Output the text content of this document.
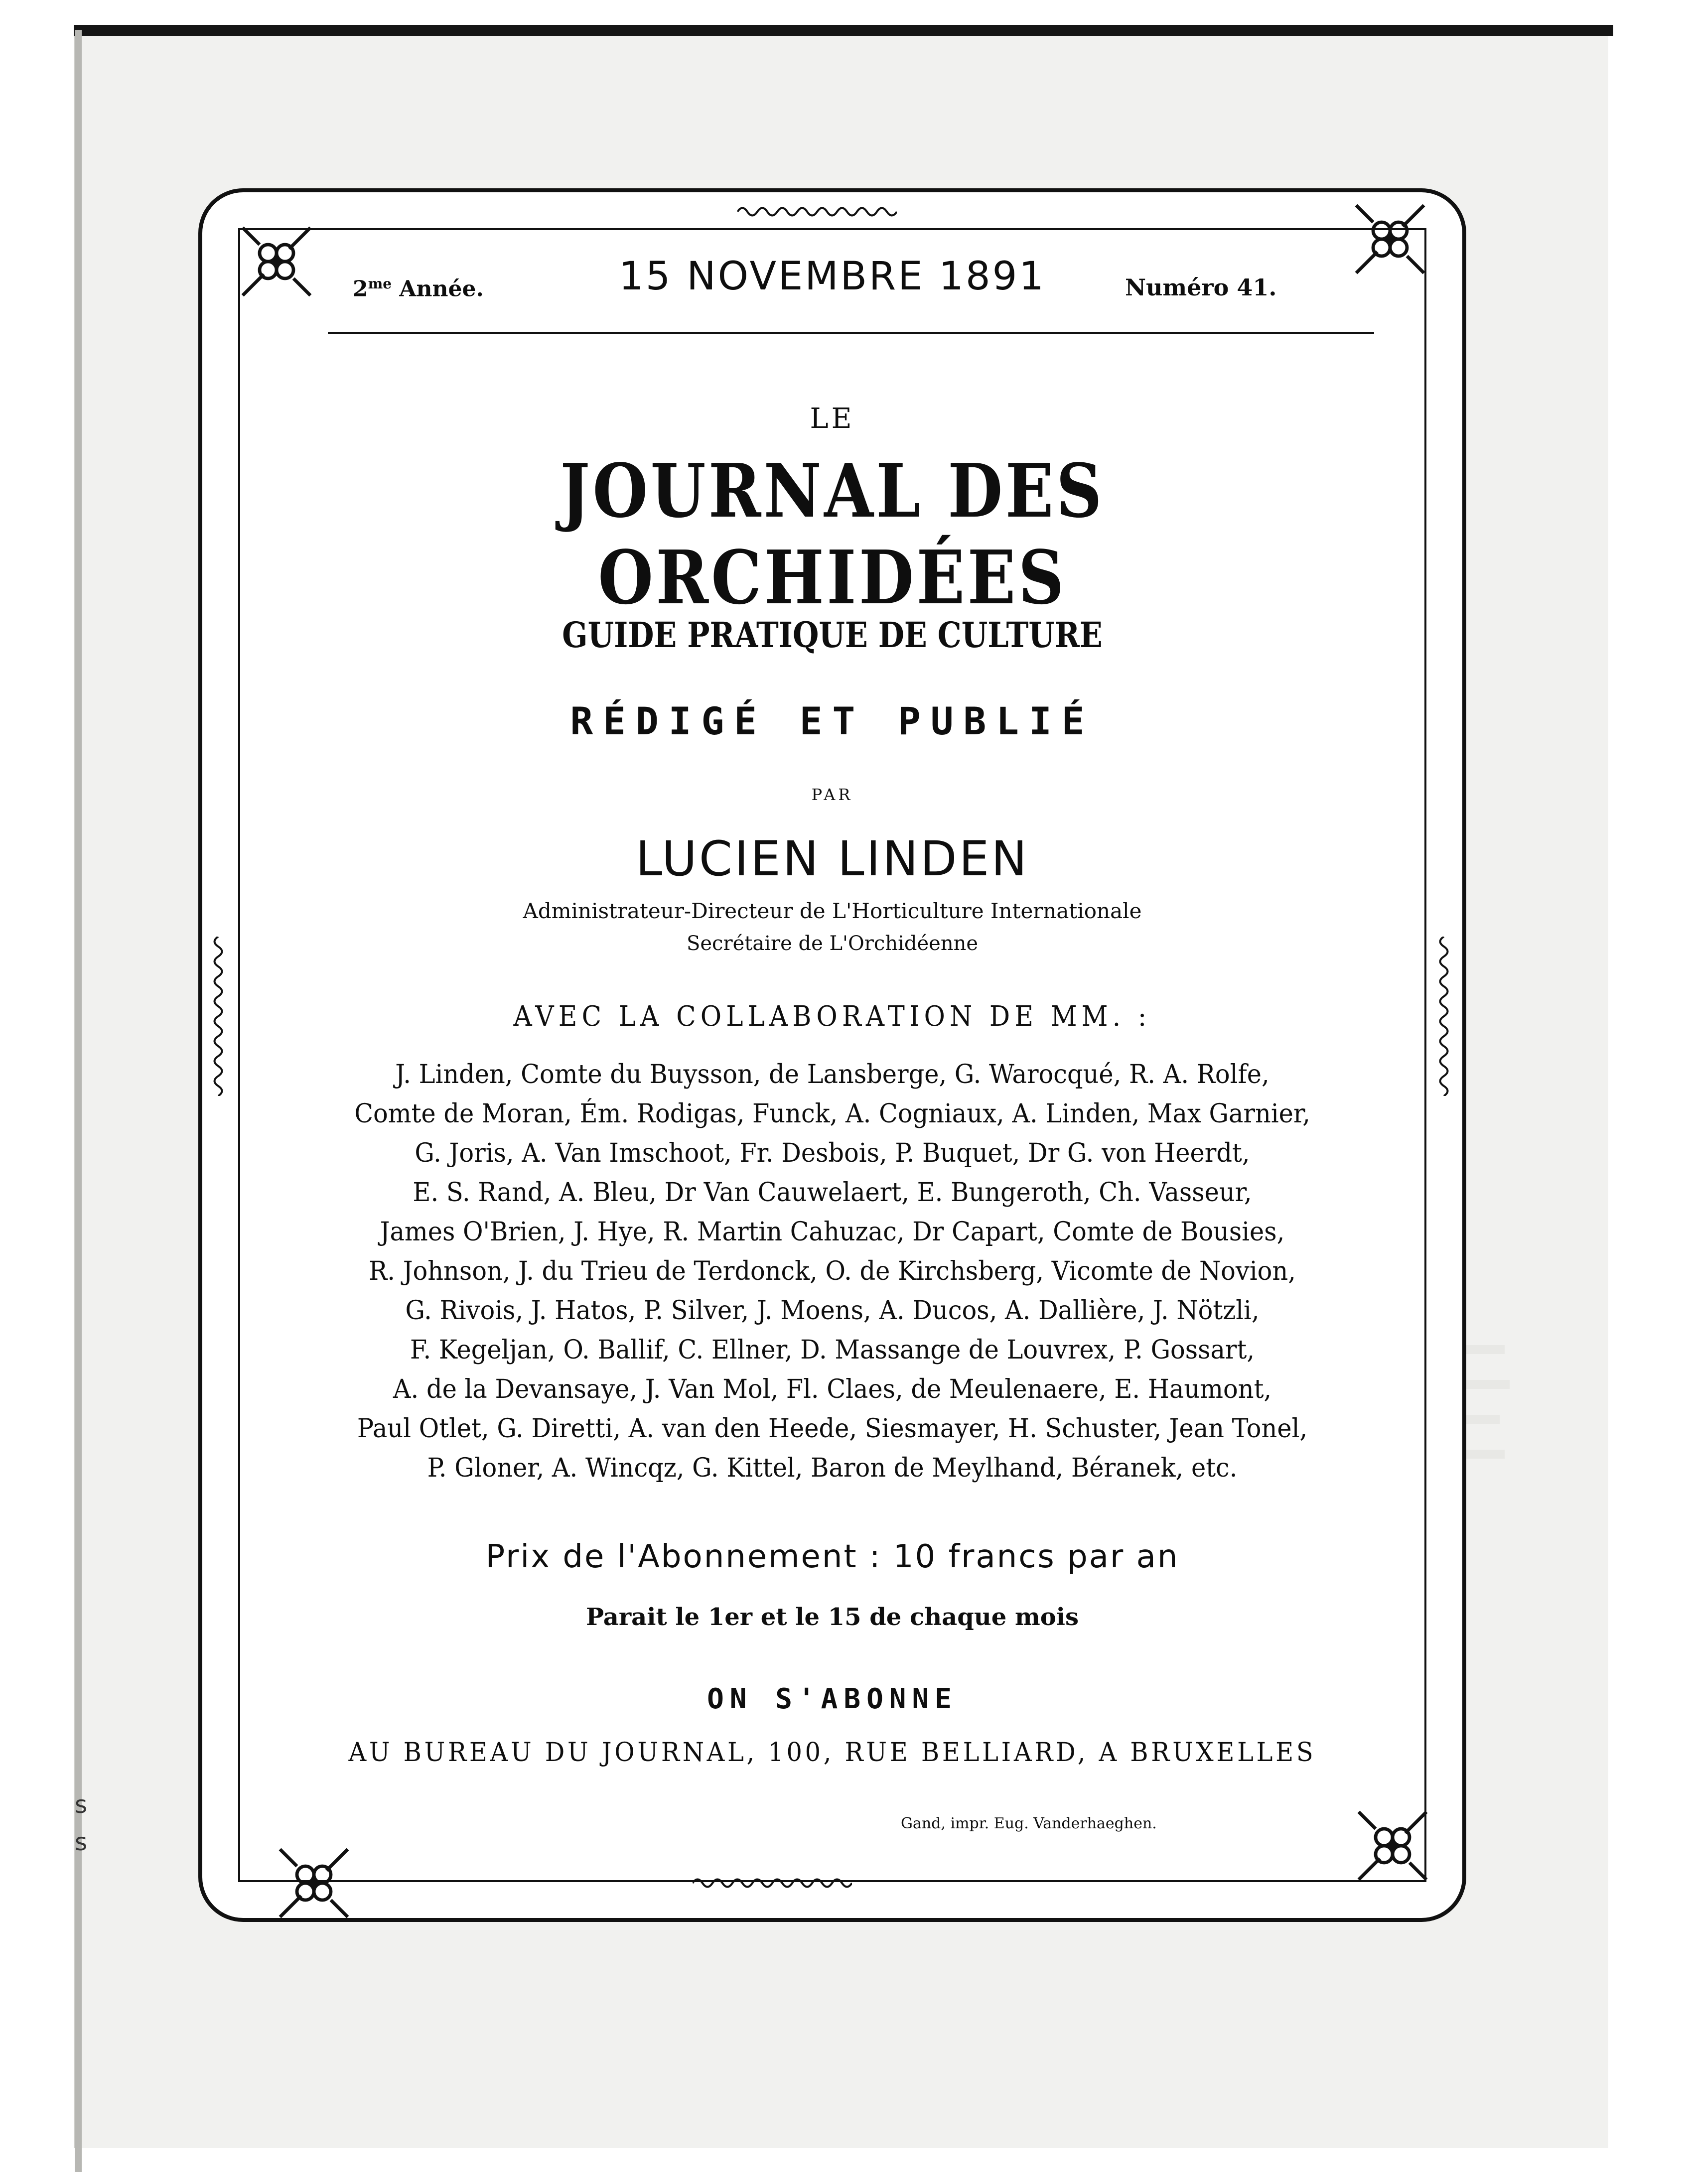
s
s
$2^{me}$ Année.	15 NOVEMBRE 1891	Numéro 41.
LE
JOURNAL DES ORCHIDÉES
GUIDE PRATIQUE DE CULTURE
RÉDIGÉ ET PUBLIÉ
PAR
LUCIEN LINDEN
Administrateur-Directeur de L'Horticulture Internationale
Secrétaire de L'Orchidéenne
AVEC LA COLLABORATION DE MM. :
J. Linden, Comte du Buysson, de Lansberge, G. Warocqué, R. A. Rolfe,
Comte de Moran, Ém. Rodigas, Funck, A. Cogniaux, A. Linden, Max Garnier,
G. Joris, A. Van Imschoot, Fr. Desbois, P. Buquet, Dr G. von Heerdt,
E. S. Rand, A. Bleu, Dr Van Cauwelaert, E. Bungeroth, Ch. Vasseur,
James O'Brien, J. Hye, R. Martin Cahuzac, Dr Capart, Comte de Bousies,
R. Johnson, J. du Trieu de Terdonck, O. de Kirchsberg, Vicomte de Novion,
G. Rivois, J. Hatos, P. Silver, J. Moens, A. Ducos, A. Dallière, J. Nötzli,
F. Kegeljan, O. Ballif, C. Ellner, D. Massange de Louvrex, P. Gossart,
A. de la Devansaye, J. Van Mol, Fl. Claes, de Meulenaere, E. Haumont,
Paul Otlet, G. Diretti, A. van den Heede, Siesmayer, H. Schuster, Jean Tonel,
P. Gloner, A. Wincqz, G. Kittel, Baron de Meylhand, Béranek, etc.
Prix de l'Abonnement : 10 francs par an
Parait le 1er et le 15 de chaque mois
ON S'ABONNE
AU BUREAU DU JOURNAL, 100, RUE BELLIARD, A BRUXELLES
Gand, impr. Eug. Vanderhaeghen.
